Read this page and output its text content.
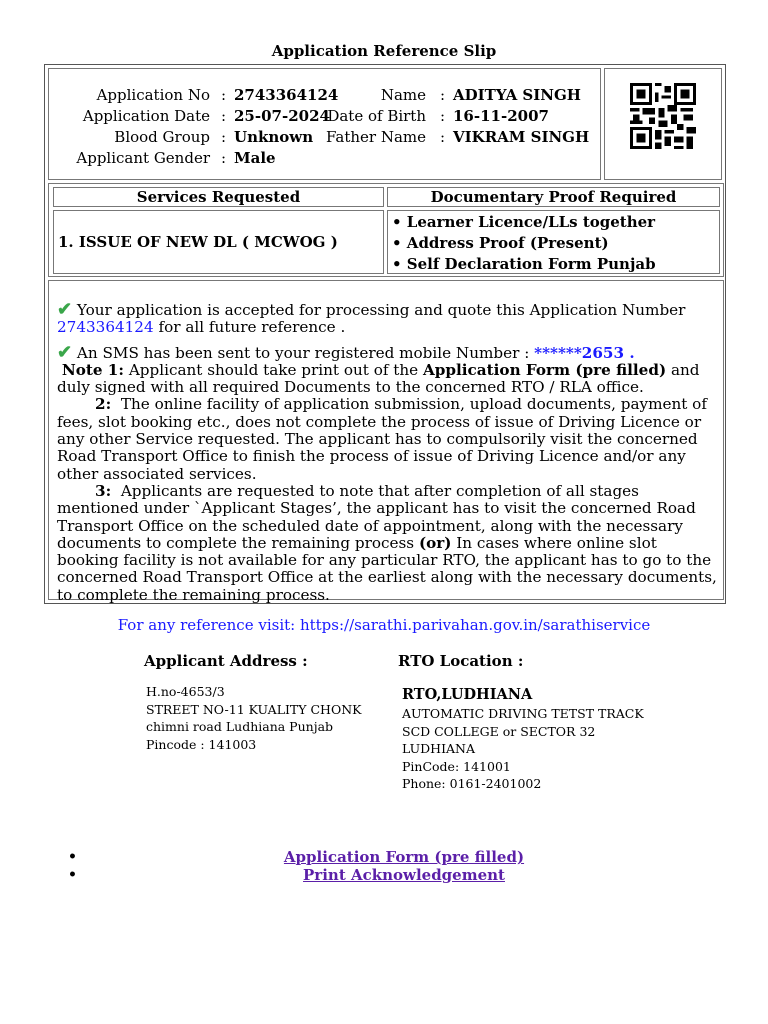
Application Reference Slip
Application No : 2743364124
Application Date : 25-07-2024
Blood Group : Unknown
Applicant Gender : Male
Name : ADITYA SINGH
Date of Birth : 16-11-2007
Father Name : VIKRAM SINGH
Services Requested	Documentary Proof Required
1. ISSUE OF NEW DL ( MCWOG )
• Learner Licence/LLs together
• Address Proof (Present)
• Self Declaration Form Punjab
✔ Your application is accepted for processing and quote this Application Number 2743364124 for all future reference .
✔ An SMS has been sent to your registered mobile Number : ******2653 .
Note 1: Applicant should take print out of the Application Form (pre filled) and duly signed with all required Documents to the concerned RTO / RLA office.
2: The online facility of application submission, upload documents, payment of fees, slot booking etc., does not complete the process of issue of Driving Licence or any other Service requested. The applicant has to compulsorily visit the concerned Road Transport Office to finish the process of issue of Driving Licence and/or any other associated services.
3: Applicants are requested to note that after completion of all stages mentioned under `Applicant Stages’, the applicant has to visit the concerned Road Transport Office on the scheduled date of appointment, along with the necessary documents to complete the remaining process (or) In cases where online slot booking facility is not available for any particular RTO, the applicant has to go to the concerned Road Transport Office at the earliest along with the necessary documents, to complete the remaining process.
For any reference visit: https://sarathi.parivahan.gov.in/sarathiservice
Applicant Address :	RTO Location :
H.no-4653/3
STREET NO-11 KUALITY CHONK
chimni road Ludhiana Punjab
Pincode : 141003
RTO,LUDHIANA
AUTOMATIC DRIVING TETST TRACK
SCD COLLEGE or SECTOR 32
LUDHIANA
PinCode: 141001
Phone: 0161-2401002
•	Application Form (pre filled)
•	Print Acknowledgement
